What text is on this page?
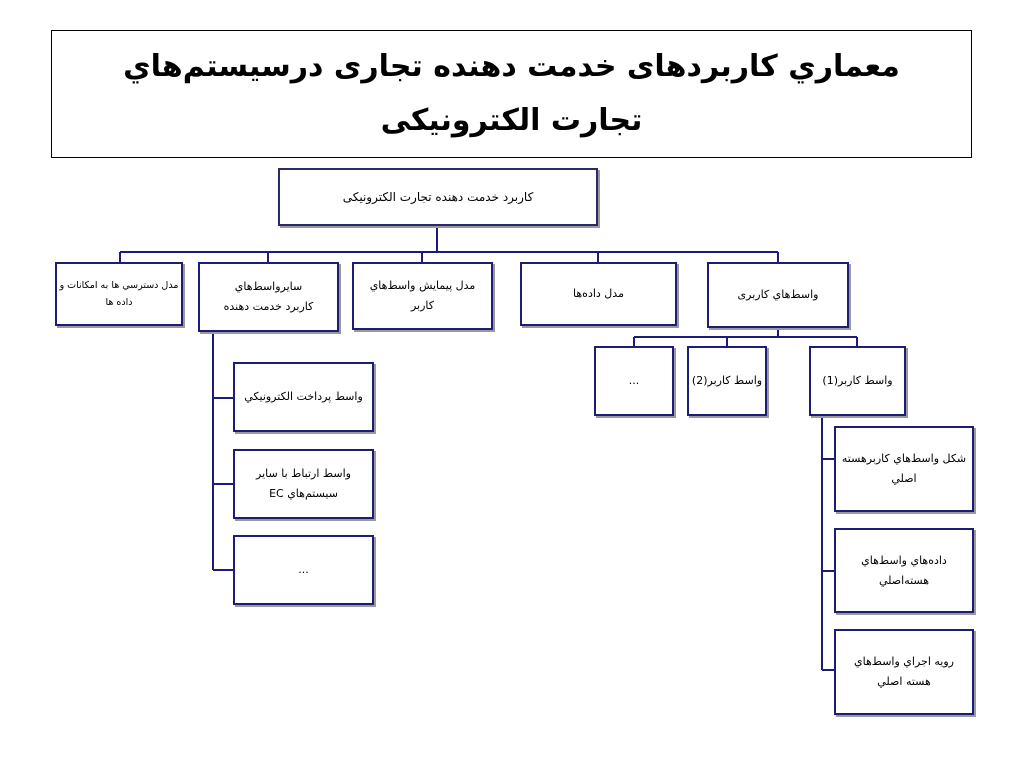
معماري كاربردهای خدمت دهنده تجاری درسیستم‌هاي
تجارت الكترونيكی
كاربرد خدمت دهنده تجارت الكترونيكی
واسط‌هاي كاربری
مدل داده‌ها
مدل پيمايش واسط‌هاي
كاربر
سايرواسط‌هاي
كاربرد خدمت دهنده
مدل دسترسي ها به امكانات و
داده ها
واسط كاربر(1)
واسط كاربر(2)
...
شكل واسط‌هاي كاربرهسته
اصلي
داده‌هاي واسط‌هاي
هسته‌اصلي
رويه اجراي واسط‌هاي
هسته اصلي
واسط پرداخت الكترونيكي
واسط ارتباط با ساير
سيستم‌هاي EC
...
